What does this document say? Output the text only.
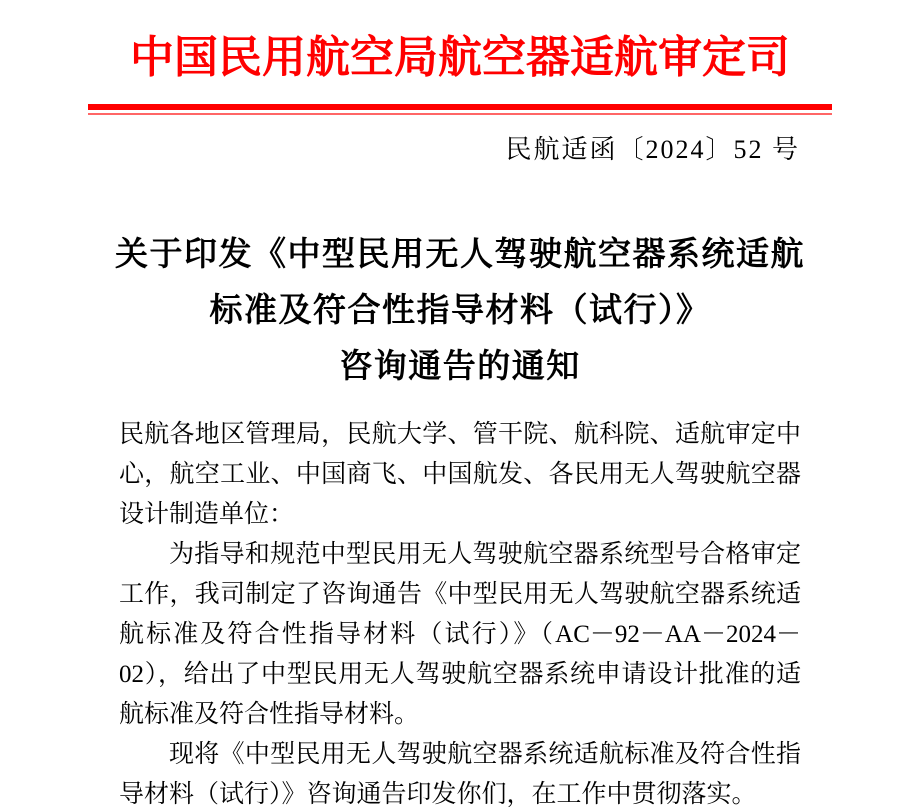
中国民用航空局航空器适航审定司
民航适函〔2024〕52 号
关于印发《中型民用无人驾驶航空器系统适航
标准及符合性指导材料（试行）》
咨询通告的通知

民航各地区管理局，民航大学、管干院、航科院、适航审定中心，航空工业、中国商飞、中国航发、各民用无人驾驶航空器设计制造单位：

为指导和规范中型民用无人驾驶航空器系统型号合格审定工作，我司制定了咨询通告《中型民用无人驾驶航空器系统适航标准及符合性指导材料（试行）》（AC－92－AA－2024－02），给出了中型民用无人驾驶航空器系统申请设计批准的适航标准及符合性指导材料。

现将《中型民用无人驾驶航空器系统适航标准及符合性指导材料（试行）》咨询通告印发你们，在工作中贯彻落实。
